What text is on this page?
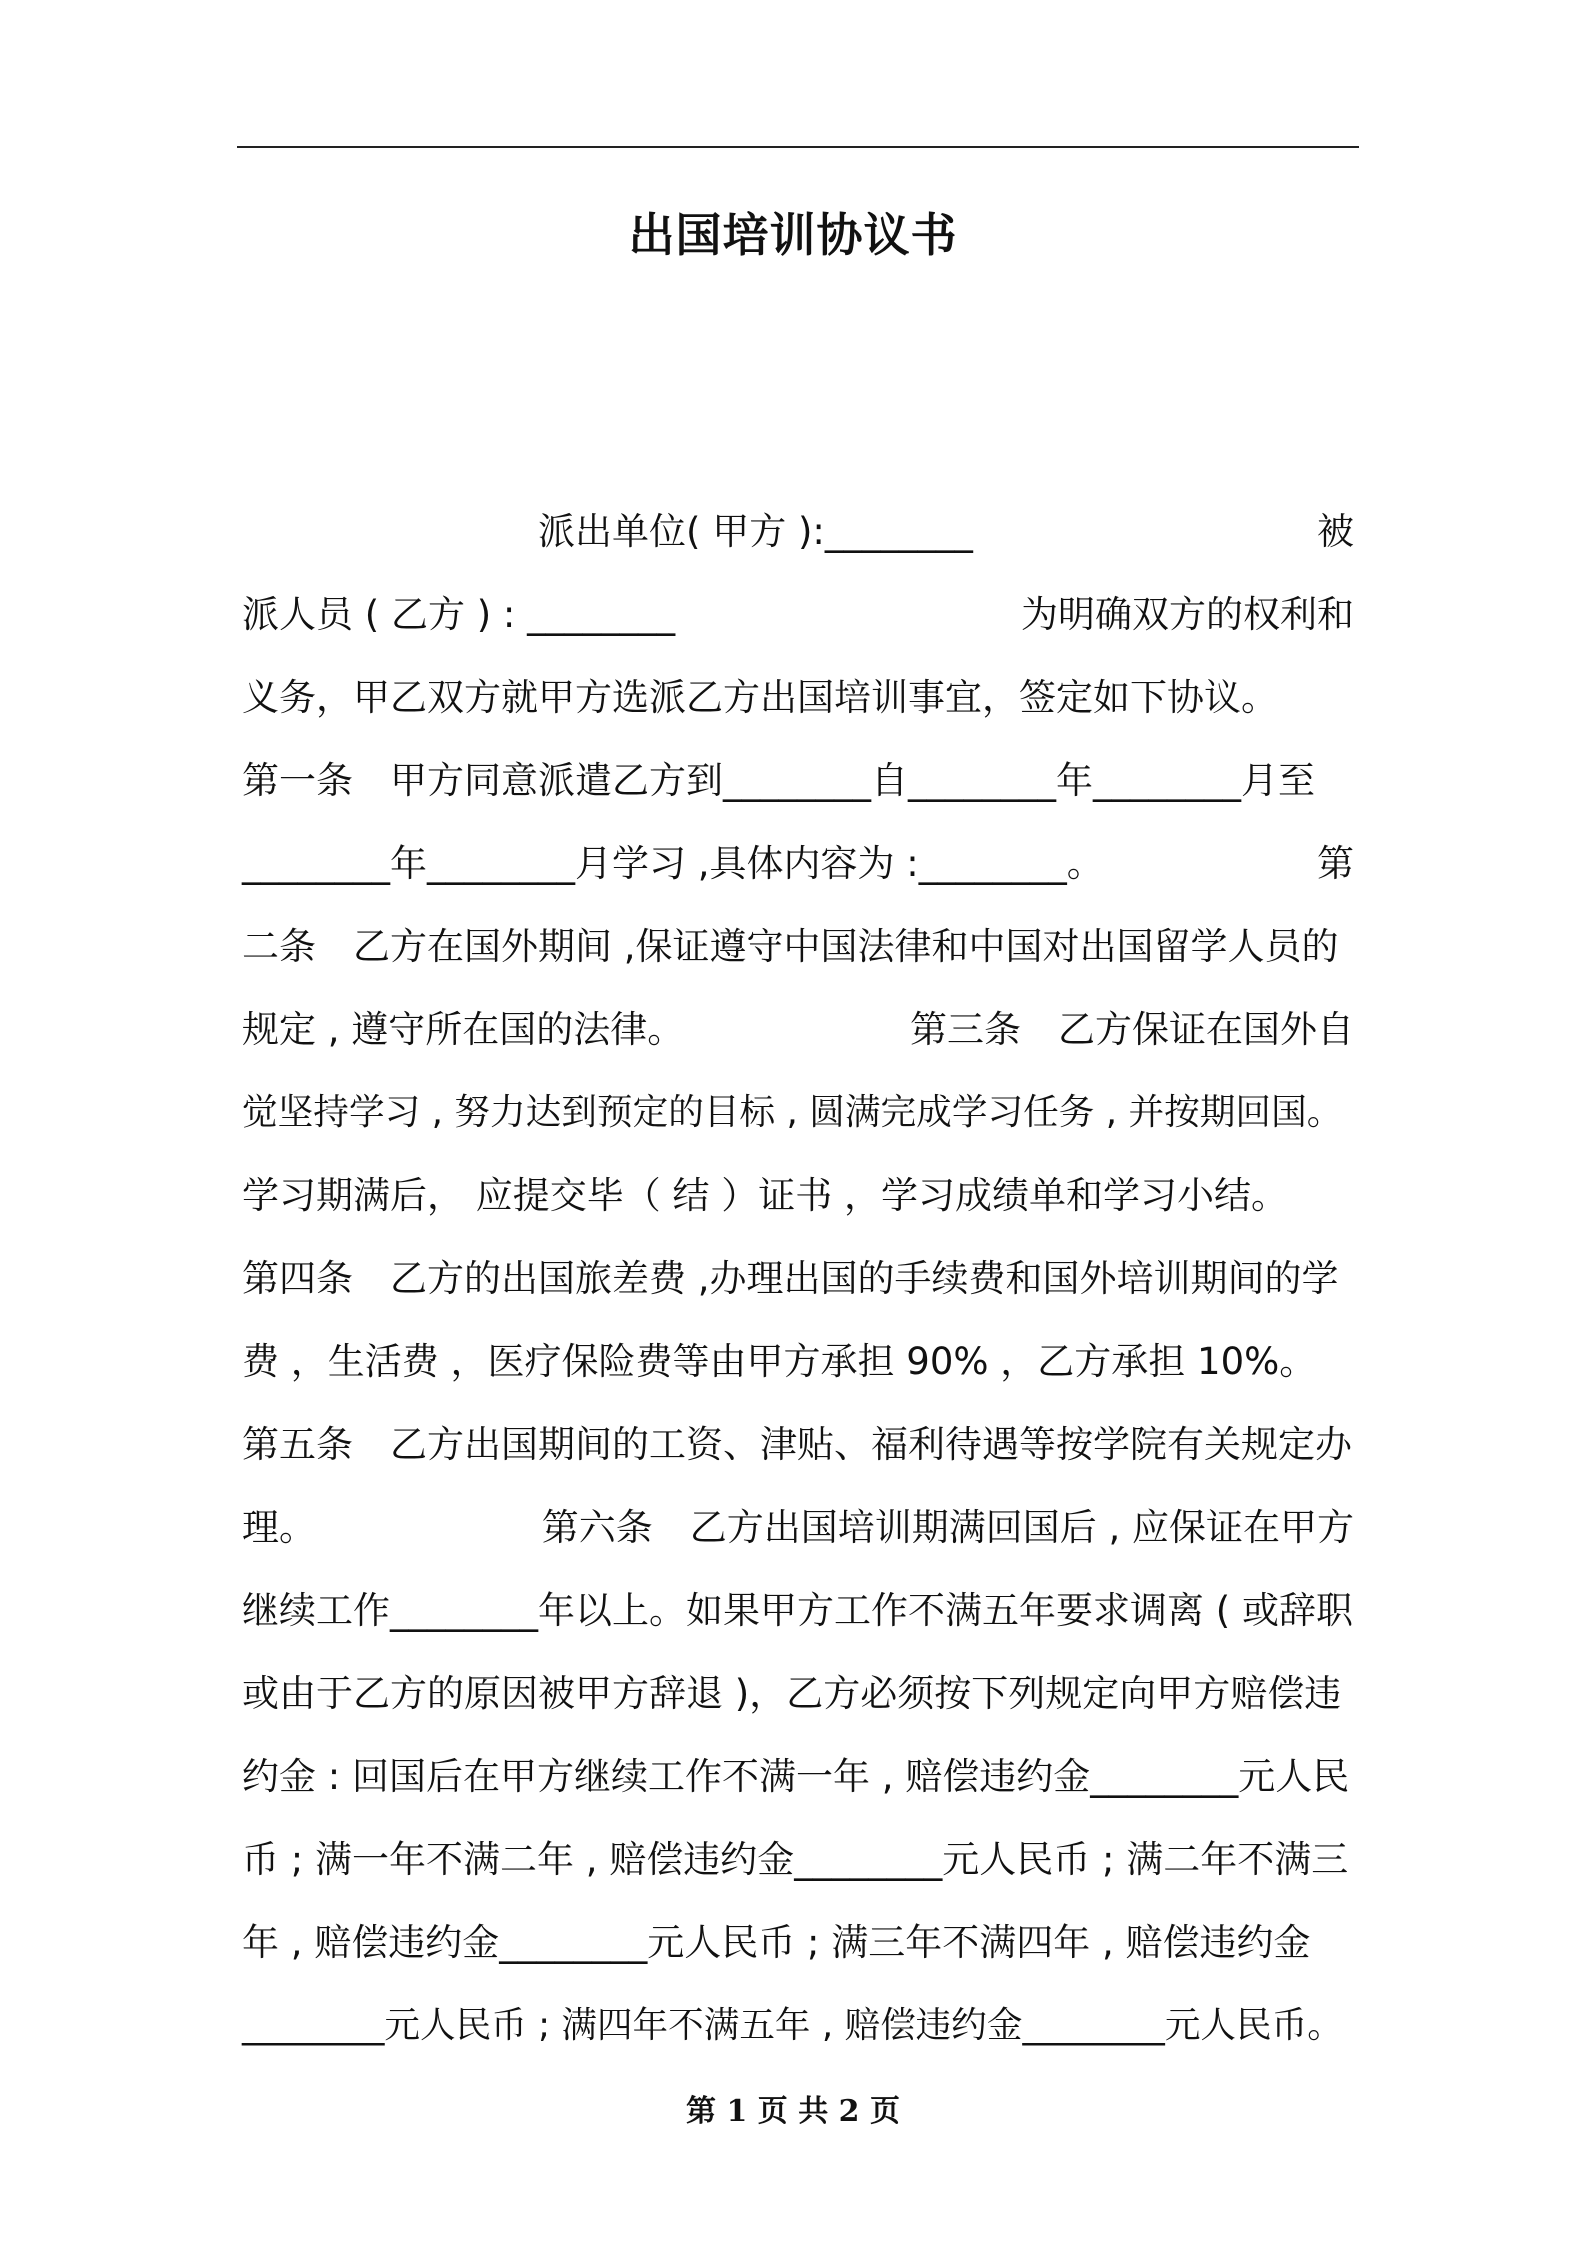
出国培训协议书
派出单位( 甲方 ):________	被
派人员 ( 乙方 ) : ________	为明确双方的权利和
义务，甲乙双方就甲方选派乙方出国培训事宜，签定如下协议。
第一条　甲方同意派遣乙方到________自________年________月至
________年________月学习 ,具体内容为 :________。	第
二条　乙方在国外期间 ,保证遵守中国法律和中国对出国留学人员的
规定 , 遵守所在国的法律。	第三条　乙方保证在国外自
觉坚持学习 , 努力达到预定的目标 , 圆满完成学习任务 , 并按期回国。
学习期满后， 应提交毕（ 结 ）证书 ，学习成绩单和学习小结。
第四条　乙方的出国旅差费 ,办理出国的手续费和国外培训期间的学
费 ，生活费 ，医疗保险费等由甲方承担 90% ，乙方承担 10%。
第五条　乙方出国期间的工资、津贴、福利待遇等按学院有关规定办
理。	第六条　乙方出国培训期满回国后 , 应保证在甲方
继续工作________年以上。如果甲方工作不满五年要求调离 ( 或辞职
或由于乙方的原因被甲方辞退 )，乙方必须按下列规定向甲方赔偿违
约金 : 回国后在甲方继续工作不满一年 , 赔偿违约金________元人民
币 ; 满一年不满二年 , 赔偿违约金________元人民币 ; 满二年不满三
年 , 赔偿违约金________元人民币 ; 满三年不满四年 , 赔偿违约金
________元人民币 ; 满四年不满五年 , 赔偿违约金________元人民币。
第 1 页 共 2 页
